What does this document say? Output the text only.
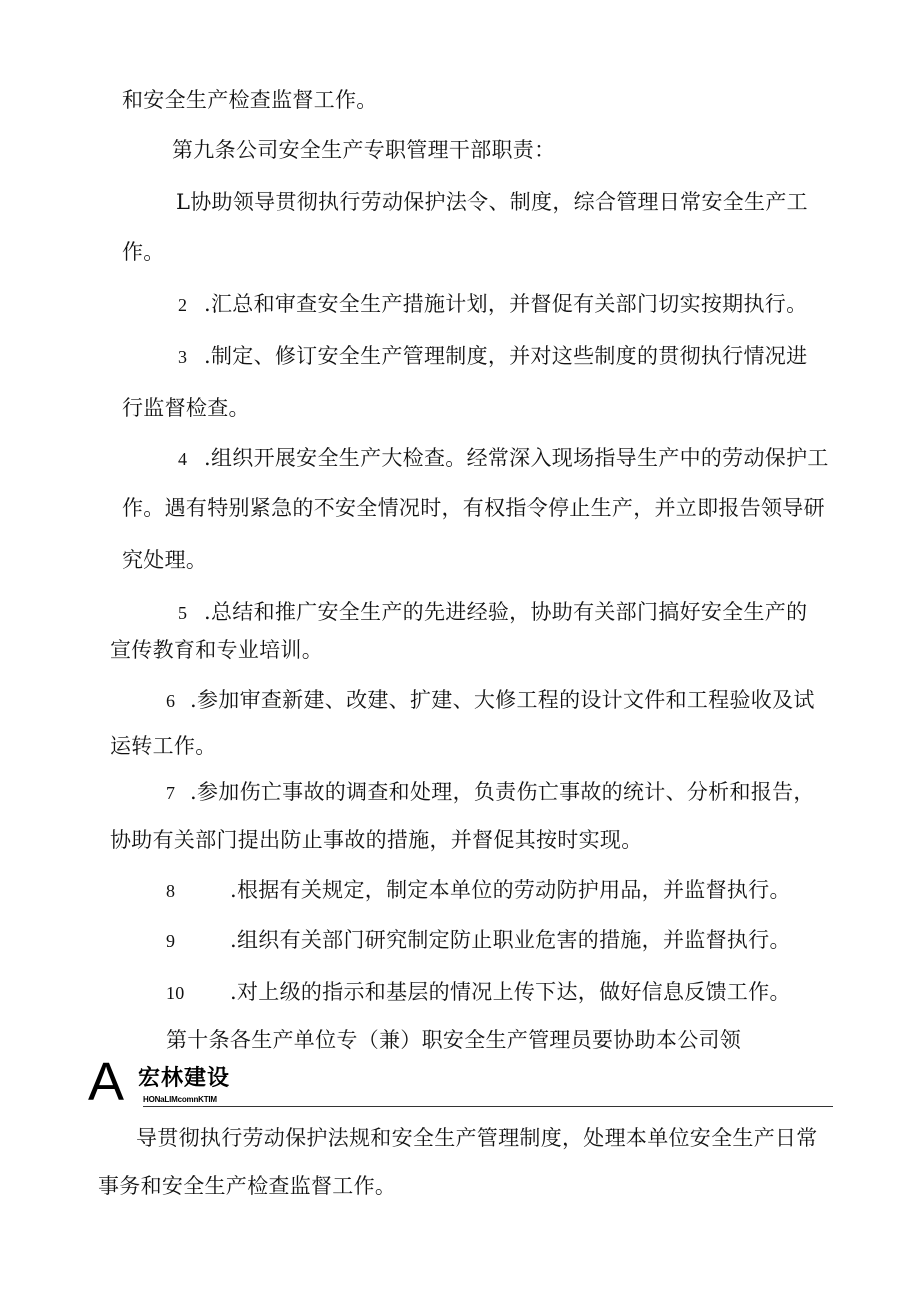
和安全生产检查监督工作。
第九条公司安全生产专职管理干部职责：
L协助领导贯彻执行劳动保护法令、制度，综合管理日常安全生产工
作。
2 .汇总和审查安全生产措施计划，并督促有关部门切实按期执行。
3 .制定、修订安全生产管理制度，并对这些制度的贯彻执行情况进
行监督检查。
4 .组织开展安全生产大检查。经常深入现场指导生产中的劳动保护工
作。遇有特别紧急的不安全情况时，有权指令停止生产，并立即报告领导研
究处理。
5 .总结和推广安全生产的先进经验，协助有关部门搞好安全生产的
宣传教育和专业培训。
6 .参加审查新建、改建、扩建、大修工程的设计文件和工程验收及试
运转工作。
7 .参加伤亡事故的调查和处理，负责伤亡事故的统计、分析和报告，
协助有关部门提出防止事故的措施，并督促其按时实现。
8	.根据有关规定，制定本单位的劳动防护用品，并监督执行。
9	.组织有关部门研究制定防止职业危害的措施，并监督执行。
10 .对上级的指示和基层的情况上传下达，做好信息反馈工作。
第十条各生产单位专（兼）职安全生产管理员要协助本公司领
A 宏林建设
HONaLIMcomnKTIM
导贯彻执行劳动保护法规和安全生产管理制度，处理本单位安全生产日常
事务和安全生产检查监督工作。
